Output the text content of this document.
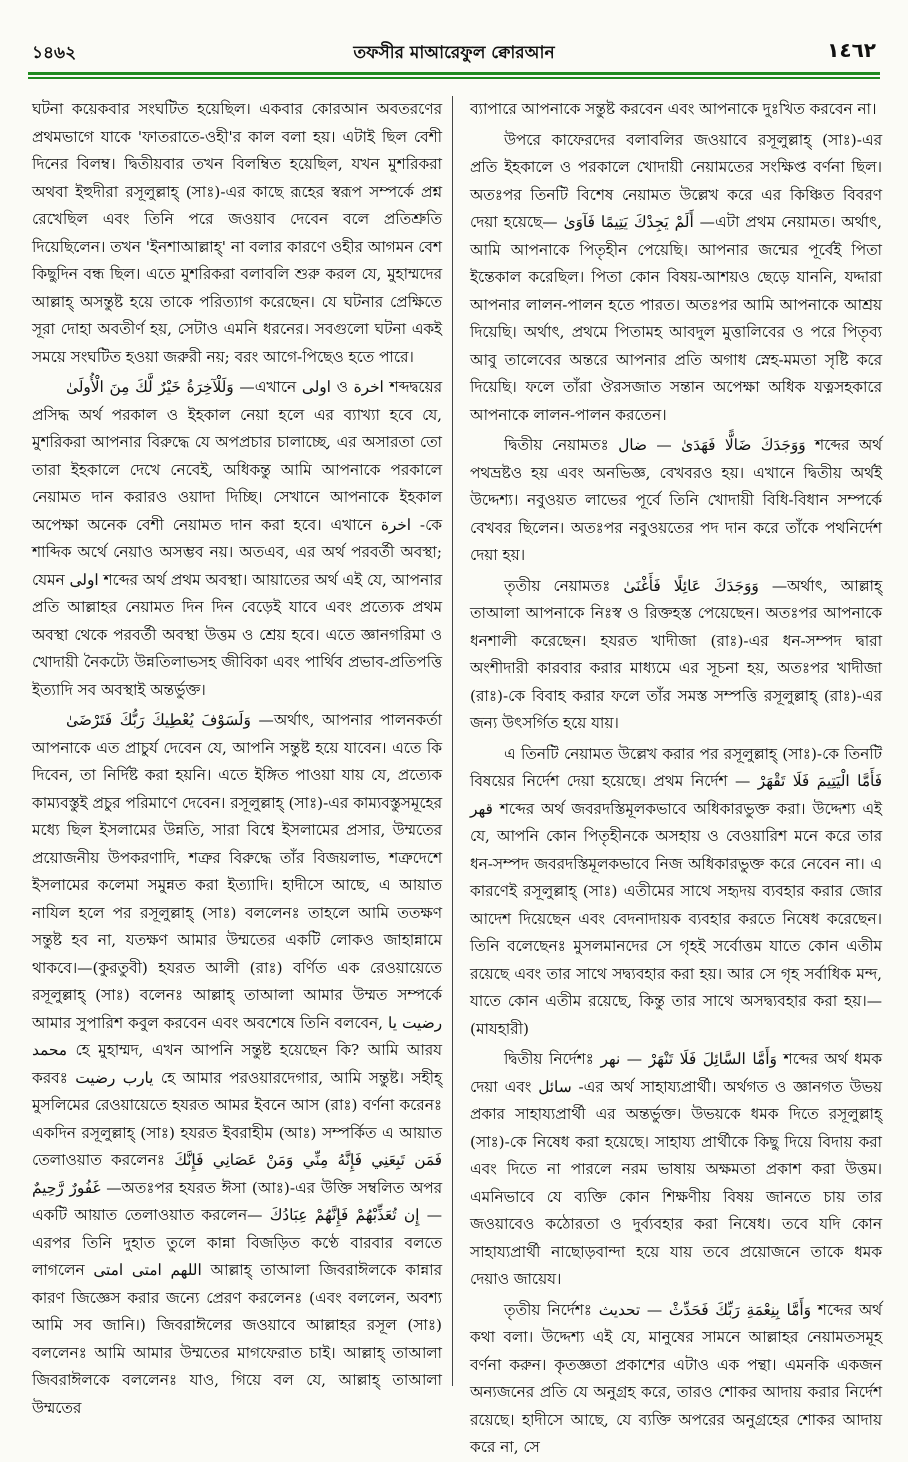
১৪৬২	তফসীর মাআরেফুল ক্বোরআন	١٤٦٢

ঘটনা কয়েকবার সংঘটিত হয়েছিল। একবার কোরআন অবতরণের প্রথমভাগে যাকে 'ফাতরাতে-ওহী'র কাল বলা হয়। এটাই ছিল বেশী দিনের বিলম্ব। দ্বিতীয়বার তখন বিলম্বিত হয়েছিল, যখন মুশরিকরা অথবা ইহুদীরা রসূলুল্লাহ্ (সাঃ)-এর কাছে রূহের স্বরূপ সম্পর্কে প্রশ্ন রেখেছিল এবং তিনি পরে জওয়াব দেবেন বলে প্রতিশ্রুতি দিয়েছিলেন। তখন 'ইনশাআল্লাহ্' না বলার কারণে ওহীর আগমন বেশ কিছুদিন বন্ধ ছিল। এতে মুশরিকরা বলাবলি শুরু করল যে, মুহাম্মদের আল্লাহ্ অসন্তুষ্ট হয়ে তাকে পরিত্যাগ করেছেন। যে ঘটনার প্রেক্ষিতে সূরা দোহা অবতীর্ণ হয়, সেটাও এমনি ধরনের। সবগুলো ঘটনা একই সময়ে সংঘটিত হওয়া জরুরী নয়; বরং আগে-পিছেও হতে পারে।

وَلَلْآخِرَةُ خَيْرٌ لَّكَ مِنَ الْأُولَىٰ —এখানে اولى ও اخرة শব্দদ্বয়ের প্রসিদ্ধ অর্থ পরকাল ও ইহকাল নেয়া হলে এর ব্যাখ্যা হবে যে, মুশরিকরা আপনার বিরুদ্ধে যে অপপ্রচার চালাচ্ছে, এর অসারতা তো তারা ইহকালে দেখে নেবেই, অধিকন্তু আমি আপনাকে পরকালে নেয়ামত দান করারও ওয়াদা দিচ্ছি। সেখানে আপনাকে ইহকাল অপেক্ষা অনেক বেশী নেয়ামত দান করা হবে। এখানে اخرة -কে শাব্দিক অর্থে নেয়াও অসম্ভব নয়। অতএব, এর অর্থ পরবর্তী অবস্থা; যেমন اولى শব্দের অর্থ প্রথম অবস্থা। আয়াতের অর্থ এই যে, আপনার প্রতি আল্লাহর নেয়ামত দিন দিন বেড়েই যাবে এবং প্রত্যেক প্রথম অবস্থা থেকে পরবর্তী অবস্থা উত্তম ও শ্রেয় হবে। এতে জ্ঞানগরিমা ও খোদায়ী নৈকট্যে উন্নতিলাভসহ জীবিকা এবং পার্থিব প্রভাব-প্রতিপত্তি ইত্যাদি সব অবস্থাই অন্তর্ভুক্ত।

وَلَسَوْفَ يُعْطِيكَ رَبُّكَ فَتَرْضَىٰ —অর্থাৎ, আপনার পালনকর্তা আপনাকে এত প্রাচুর্য দেবেন যে, আপনি সন্তুষ্ট হয়ে যাবেন। এতে কি দিবেন, তা নির্দিষ্ট করা হয়নি। এতে ইঙ্গিত পাওয়া যায় যে, প্রত্যেক কাম্যবস্তুই প্রচুর পরিমাণে দেবেন। রসূলুল্লাহ্ (সাঃ)-এর কাম্যবস্তুসমূহের মধ্যে ছিল ইসলামের উন্নতি, সারা বিশ্বে ইসলামের প্রসার, উম্মতের প্রয়োজনীয় উপকরণাদি, শত্রুর বিরুদ্ধে তাঁর বিজয়লাভ, শত্রুদেশে ইসলামের কলেমা সমুন্নত করা ইত্যাদি। হাদীসে আছে, এ আয়াত নাযিল হলে পর রসূলুল্লাহ্ (সাঃ) বললেনঃ তাহলে আমি ততক্ষণ সন্তুষ্ট হব না, যতক্ষণ আমার উম্মতের একটি লোকও জাহান্নামে থাকবে।—(কুরতুবী) হযরত আলী (রাঃ) বর্ণিত এক রেওয়ায়েতে রসূলুল্লাহ্ (সাঃ) বলেনঃ আল্লাহ্ তাআলা আমার উম্মত সম্পর্কে আমার সুপারিশ কবুল করবেন এবং অবশেষে তিনি বলবেন, رضيت يا محمد হে মুহাম্মদ, এখন আপনি সন্তুষ্ট হয়েছেন কি? আমি আরয করবঃ يارب رضيت হে আমার পরওয়ারদেগার, আমি সন্তুষ্ট। সহীহ্ মুসলিমের রেওয়ায়েতে হযরত আমর ইবনে আস (রাঃ) বর্ণনা করেনঃ একদিন রসূলুল্লাহ্ (সাঃ) হযরত ইবরাহীম (আঃ) সম্পর্কিত এ আয়াত তেলাওয়াত করলেনঃ فَمَن تَبِعَنِي فَإِنَّهُ مِنِّي وَمَنْ عَصَانِي فَإِنَّكَ غَفُورٌ رَّحِيمٌ —অতঃপর হযরত ঈসা (আঃ)-এর উক্তি সম্বলিত অপর একটি আয়াত তেলাওয়াত করলেন— إِن تُعَذِّبْهُمْ فَإِنَّهُمْ عِبَادُكَ —এরপর তিনি দুহাত তুলে কান্না বিজড়িত কণ্ঠে বারবার বলতে লাগলেন اللهم امتى امتى আল্লাহ্ তাআলা জিবরাঈলকে কান্নার কারণ জিজ্ঞেস করার জন্যে প্রেরণ করলেনঃ (এবং বললেন, অবশ্য আমি সব জানি।) জিবরাঈলের জওয়াবে আল্লাহর রসূল (সাঃ) বললেনঃ আমি আমার উম্মতের মাগফেরাত চাই। আল্লাহ্ তাআলা জিবরাঈলকে বললেনঃ যাও, গিয়ে বল যে, আল্লাহ্ তাআলা উম্মতের

ব্যাপারে আপনাকে সন্তুষ্ট করবেন এবং আপনাকে দুঃখিত করবেন না।

উপরে কাফেরদের বলাবলির জওয়াবে রসূলুল্লাহ্ (সাঃ)-এর প্রতি ইহকালে ও পরকালে খোদায়ী নেয়ামতের সংক্ষিপ্ত বর্ণনা ছিল। অতঃপর তিনটি বিশেষ নেয়ামত উল্লেখ করে এর কিঞ্চিত বিবরণ দেয়া হয়েছে— أَلَمْ يَجِدْكَ يَتِيمًا فَآوَىٰ —এটা প্রথম নেয়ামত। অর্থাৎ, আমি আপনাকে পিতৃহীন পেয়েছি। আপনার জন্মের পূর্বেই পিতা ইন্তেকাল করেছিল। পিতা কোন বিষয়-আশয়ও ছেড়ে যাননি, যদ্দারা আপনার লালন-পালন হতে পারত। অতঃপর আমি আপনাকে আশ্রয় দিয়েছি। অর্থাৎ, প্রথমে পিতামহ আবদুল মুত্তালিবের ও পরে পিতৃব্য আবু তালেবের অন্তরে আপনার প্রতি অগাধ স্নেহ-মমতা সৃষ্টি করে দিয়েছি। ফলে তাঁরা ঔরসজাত সন্তান অপেক্ষা অধিক যত্নসহকারে আপনাকে লালন-পালন করতেন।

দ্বিতীয় নেয়ামতঃ وَوَجَدَكَ ضَالًّا فَهَدَىٰ — ضال শব্দের অর্থ পথভ্রষ্টও হয় এবং অনভিজ্ঞ, বেখবরও হয়। এখানে দ্বিতীয় অর্থই উদ্দেশ্য। নবুওয়ত লাভের পূর্বে তিনি খোদায়ী বিধি-বিধান সম্পর্কে বেখবর ছিলেন। অতঃপর নবুওয়তের পদ দান করে তাঁকে পথনির্দেশ দেয়া হয়।

তৃতীয় নেয়ামতঃ وَوَجَدَكَ عَائِلًا فَأَغْنَىٰ —অর্থাৎ, আল্লাহ্ তাআলা আপনাকে নিঃস্ব ও রিক্তহস্ত পেয়েছেন। অতঃপর আপনাকে ধনশালী করেছেন। হযরত খাদীজা (রাঃ)-এর ধন-সম্পদ দ্বারা অংশীদারী কারবার করার মাধ্যমে এর সূচনা হয়, অতঃপর খাদীজা (রাঃ)-কে বিবাহ করার ফলে তাঁর সমস্ত সম্পত্তি রসূলুল্লাহ্ (রাঃ)-এর জন্য উৎসর্গিত হয়ে যায়।

এ তিনটি নেয়ামত উল্লেখ করার পর রসূলুল্লাহ্ (সাঃ)-কে তিনটি বিষয়ের নির্দেশ দেয়া হয়েছে। প্রথম নির্দেশ فَأَمَّا الْيَتِيمَ فَلَا تَقْهَرْ — قهر শব্দের অর্থ জবরদস্তিমূলকভাবে অধিকারভুক্ত করা। উদ্দেশ্য এই যে, আপনি কোন পিতৃহীনকে অসহায় ও বেওয়ারিশ মনে করে তার ধন-সম্পদ জবরদস্তিমূলকভাবে নিজ অধিকারভুক্ত করে নেবেন না। এ কারণেই রসূলুল্লাহ্ (সাঃ) এতীমের সাথে সহৃদয় ব্যবহার করার জোর আদেশ দিয়েছেন এবং বেদনাদায়ক ব্যবহার করতে নিষেধ করেছেন। তিনি বলেছেনঃ মুসলমানদের সে গৃহই সর্বোত্তম যাতে কোন এতীম রয়েছে এবং তার সাথে সদ্ব্যবহার করা হয়। আর সে গৃহ সর্বাধিক মন্দ, যাতে কোন এতীম রয়েছে, কিন্তু তার সাথে অসদ্ব্যবহার করা হয়।—(মাযহারী)

দ্বিতীয় নির্দেশঃ وَأَمَّا السَّائِلَ فَلَا تَنْهَرْ — نهر শব্দের অর্থ ধমক দেয়া এবং سائل -এর অর্থ সাহায্যপ্রার্থী। অর্থগত ও জ্ঞানগত উভয় প্রকার সাহায্যপ্রার্থী এর অন্তর্ভুক্ত। উভয়কে ধমক দিতে রসূলুল্লাহ্ (সাঃ)-কে নিষেধ করা হয়েছে। সাহায্য প্রার্থীকে কিছু দিয়ে বিদায় করা এবং দিতে না পারলে নরম ভাষায় অক্ষমতা প্রকাশ করা উত্তম। এমনিভাবে যে ব্যক্তি কোন শিক্ষণীয় বিষয় জানতে চায় তার জওয়াবেও কঠোরতা ও দুর্ব্যবহার করা নিষেধ। তবে যদি কোন সাহায্যপ্রার্থী নাছোড়বান্দা হয়ে যায় তবে প্রয়োজনে তাকে ধমক দেয়াও জায়েয।

তৃতীয় নির্দেশঃ وَأَمَّا بِنِعْمَةِ رَبِّكَ فَحَدِّثْ — تحديث শব্দের অর্থ কথা বলা। উদ্দেশ্য এই যে, মানুষের সামনে আল্লাহর নেয়ামতসমূহ বর্ণনা করুন। কৃতজ্ঞতা প্রকাশের এটাও এক পন্থা। এমনকি একজন অন্যজনের প্রতি যে অনুগ্রহ করে, তারও শোকর আদায় করার নির্দেশ রয়েছে। হাদীসে আছে, যে ব্যক্তি অপরের অনুগ্রহের শোকর আদায় করে না, সে
